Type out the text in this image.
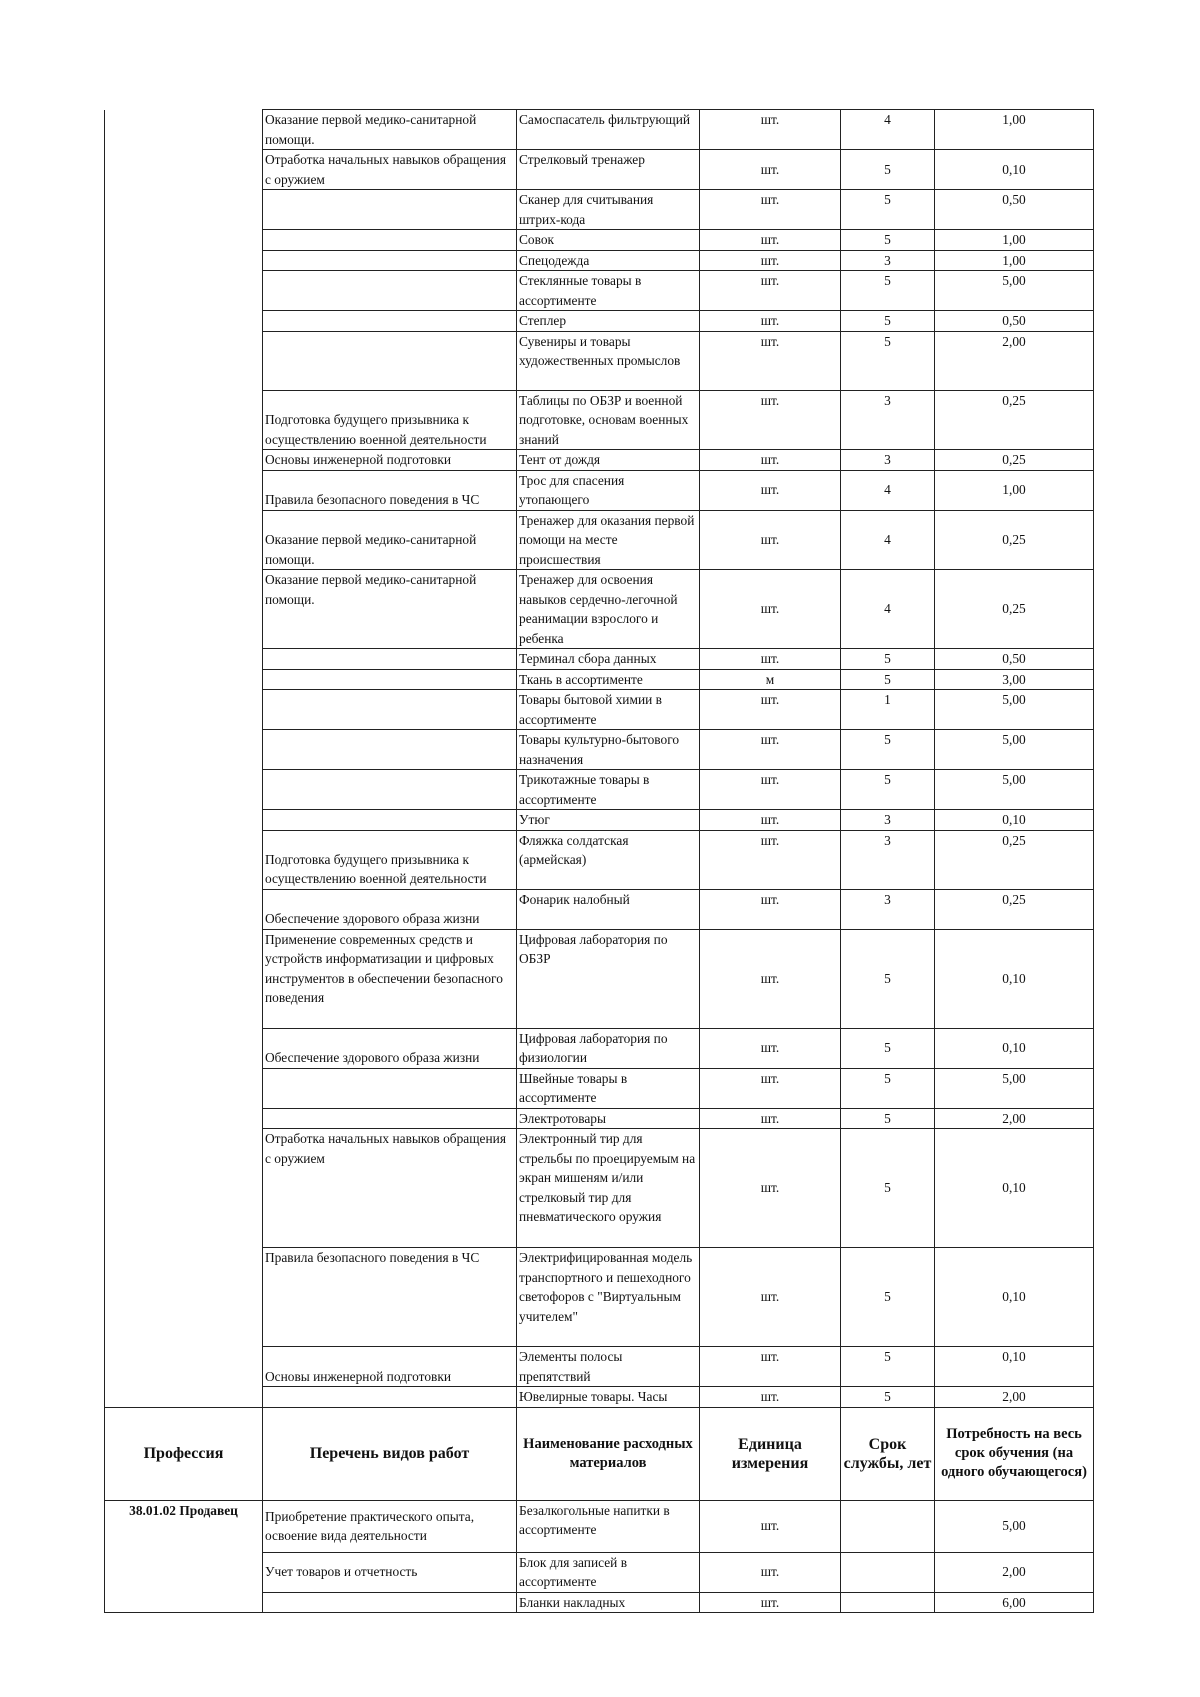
	Оказание первой медико-санитарной помощи.	Самоспасатель фильтрующий	шт.	4	1,00
	Отработка начальных навыков обращения с оружием	Стрелковый тренажер	шт.	5	0,10
		Сканер для считывания штрих-кода	шт.	5	0,50
		Совок	шт.	5	1,00
		Спецодежда	шт.	3	1,00
		Стеклянные товары в ассортименте	шт.	5	5,00
		Степлер	шт.	5	0,50
		Сувениры и товары художественных промыслов	шт.	5	2,00
	Подготовка будущего призывника к осуществлению военной деятельности	Таблицы по ОБЗР и военной подготовке, основам военных знаний	шт.	3	0,25
	Основы инженерной подготовки	Тент от дождя	шт.	3	0,25
	Правила безопасного поведения в ЧС	Трос для спасения утопающего	шт.	4	1,00
	Оказание первой медико-санитарной помощи.	Тренажер для оказания первой помощи на месте происшествия	шт.	4	0,25
	Оказание первой медико-санитарной помощи.	Тренажер для освоения навыков сердечно-легочной реанимации взрослого и ребенка	шт.	4	0,25
		Терминал сбора данных	шт.	5	0,50
		Ткань в ассортименте	м	5	3,00
		Товары бытовой химии в ассортименте	шт.	1	5,00
		Товары культурно-бытового назначения	шт.	5	5,00
		Трикотажные товары в ассортименте	шт.	5	5,00
		Утюг	шт.	3	0,10
	Подготовка будущего призывника к осуществлению военной деятельности	Фляжка солдатская (армейская)	шт.	3	0,25
	Обеспечение здорового образа жизни	Фонарик налобный	шт.	3	0,25
	Применение современных средств и устройств информатизации и цифровых инструментов в обеспечении безопасного поведения	Цифровая лаборатория по ОБЗР	шт.	5	0,10
	Обеспечение здорового образа жизни	Цифровая лаборатория по физиологии	шт.	5	0,10
		Швейные товары в ассортименте	шт.	5	5,00
		Электротовары	шт.	5	2,00
	Отработка начальных навыков обращения с оружием	Электронный тир для стрельбы по проецируемым на экран мишеням и/или стрелковый тир для пневматического оружия	шт.	5	0,10
	Правила безопасного поведения в ЧС	Электрифицированная модель транспортного и пешеходного светофоров с "Виртуальным учителем"	шт.	5	0,10
	Основы инженерной подготовки	Элементы полосы препятствий	шт.	5	0,10
		Ювелирные товары. Часы	шт.	5	2,00
Профессия	Перечень видов работ	Наименование расходных материалов	Единица измерения	Срок службы, лет	Потребность на весь срок обучения (на одного обучающегося)
38.01.02 Продавец	Приобретение практического опыта, освоение вида деятельности	Безалкогольные напитки в ассортименте	шт.		5,00
	Учет товаров и отчетность	Блок для записей в ассортименте	шт.		2,00
		Бланки накладных	шт.		6,00
